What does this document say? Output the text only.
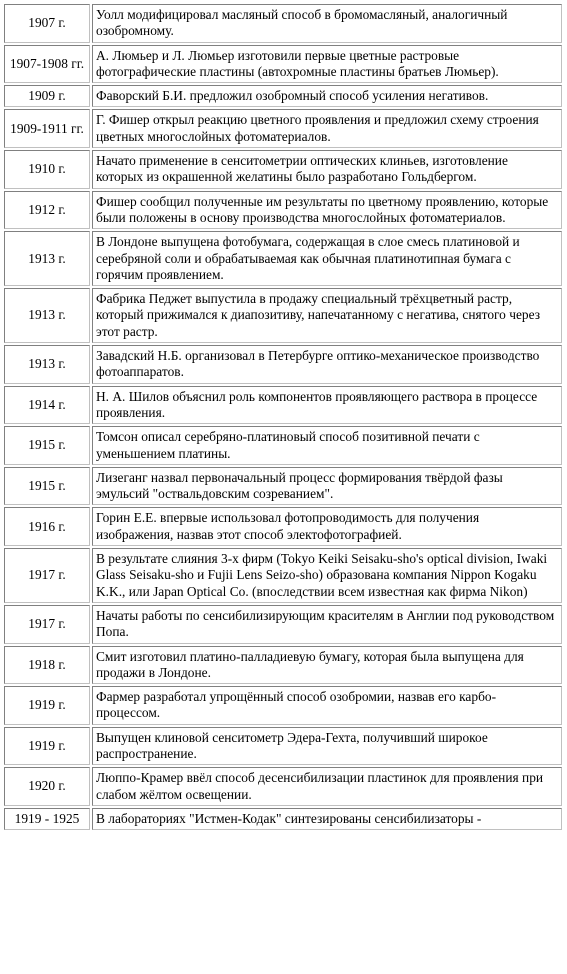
1907 г.	Уолл модифицировал масляный способ в бромомасляный, аналогичный озобромному.
1907-1908 гг.	А. Люмьер и Л. Люмьер изготовили первые цветные растровые фотографические пластины (автохромные пластины братьев Люмьер).
1909 г.	Фаворский Б.И. предложил озобромный способ усиления негативов.
1909-1911 гг.	Г. Фишер открыл реакцию цветного проявления и предложил схему строения цветных многослойных фотоматериалов.
1910 г.	Начато применение в сенситометрии оптических клиньев, изготовление которых из окрашенной желатины было разработано Гольдбергом.
1912 г.	Фишер сообщил полученные им результаты по цветному проявлению, которые были положены в основу производства многослойных фотоматериалов.
1913 г.	В Лондоне выпущена фотобумага, содержащая в слое смесь платиновой и серебряной соли и обрабатываемая как обычная платинотипная бумага с горячим проявлением.
1913 г.	Фабрика Педжет выпустила в продажу специальный трёхцветный растр, который прижимался к диапозитиву, напечатанному с негатива, снятого через этот растр.
1913 г.	Завадский Н.Б. организовал в Петербурге оптико-механическое производство фотоаппаратов.
1914 г.	Н. А. Шилов объяснил роль компонентов проявляющего раствора в процессе проявления.
1915 г.	Томсон описал серебряно-платиновый способ позитивной печати с уменьшением платины.
1915 г.	Лизеганг назвал первоначальный процесс формирования твёрдой фазы эмульсий "оствальдовским созреванием".
1916 г.	Горин Е.Е. впервые использовал фотопроводимость для получения изображения, назвав этот способ электофотографией.
1917 г.	В результате слияния 3-х фирм (Tokyo Keiki Seisaku-sho's optical division, Iwaki Glass Seisaku-sho и Fujii Lens Seizo-sho) образована компания Nippon Kogaku K.K., или Japan Optical Co. (впоследствии всем известная как фирма Nikon)
1917 г.	Начаты работы по сенсибилизирующим красителям в Англии под руководством Попа.
1918 г.	Смит изготовил платино-палладиевую бумагу, которая была выпущена для продажи в Лондоне.
1919 г.	Фармер разработал упрощённый способ озобромии, назвав его карбо-процессом.
1919 г.	Выпущен клиновой сенситометр Эдера-Гехта, получивший широкое распространение.
1920 г.	Люппо-Крамер ввёл способ десенсибилизации пластинок для проявления при слабом жёлтом освещении.
1919 - 1925	В лабораториях "Истмен-Кодак" синтезированы сенсибилизаторы -
